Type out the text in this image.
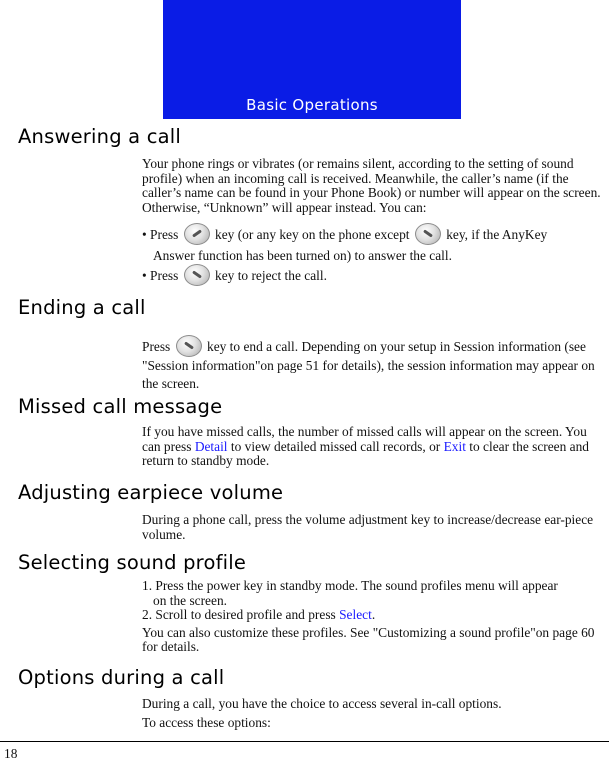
Basic Operations
Answering a call

Your phone rings or vibrates (or remains silent, according to the setting of sound profile) when an incoming call is received. Meanwhile, the caller’s name (if the caller’s name can be found in your Phone Book) or number will appear on the screen. Otherwise, “Unknown” will appear instead. You can:

• Press	key (or any key on the phone except	key, if the AnyKey
Answer function has been turned on) to answer the call.
• Press	key to reject the call.
Ending a call
Press	key to end a call. Depending on your setup in Session information (see "Session information"on page 51 for details), the session information may appear on the screen.
Missed call message

If you have missed calls, the number of missed calls will appear on the screen. You can press Detail to view detailed missed call records, or Exit to clear the screen and return to standby mode.

Adjusting earpiece volume

During a phone call, press the volume adjustment key to increase/decrease ear-piece volume.

Selecting sound profile
1. Press the power key in standby mode. The sound profiles menu will appear
on the screen.
2. Scroll to desired profile and press Select.
You can also customize these profiles. See "Customizing a sound profile"on page 60 for details.
Options during a call

During a call, you have the choice to access several in-call options.

To access these options:

18
